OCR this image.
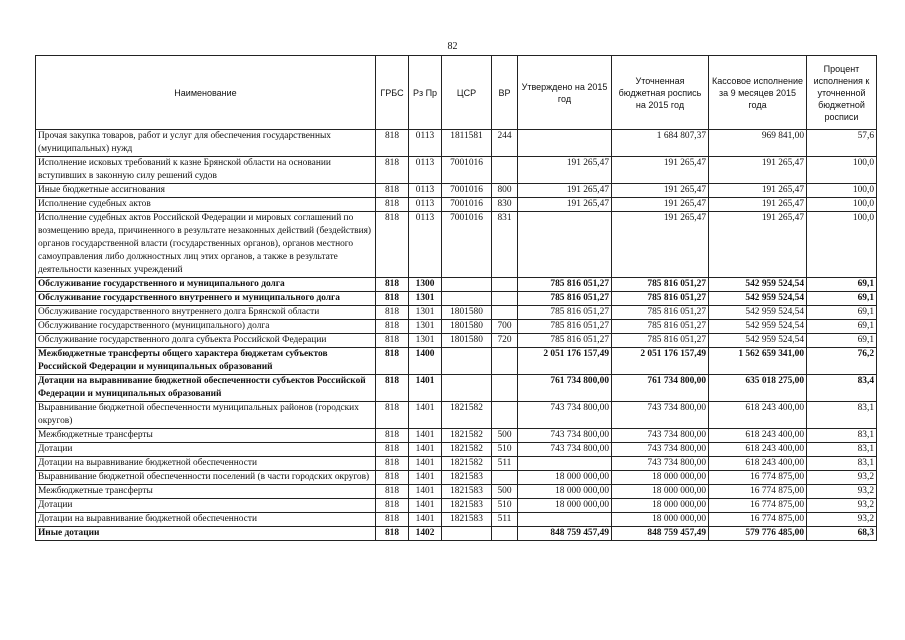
82
Наименование	ГРБС	Рз Пр	ЦСР	ВР	Утверждено на 2015 год	Уточненная бюджетная роспись на 2015 год	Кассовое исполнение за 9 месяцев 2015 года	Процент исполнения к уточненной бюджетной росписи
Прочая закупка товаров, работ и услуг для обеспечения государственных (муниципальных) нужд	818	0113	1811581	244		1 684 807,37	969 841,00	57,6
Исполнение исковых требований к казне Брянской области на основании вступивших в законную силу решений судов	818	0113	7001016		191 265,47	191 265,47	191 265,47	100,0
Иные бюджетные ассигнования	818	0113	7001016	800	191 265,47	191 265,47	191 265,47	100,0
Исполнение судебных актов	818	0113	7001016	830	191 265,47	191 265,47	191 265,47	100,0
Исполнение судебных актов Российской Федерации и мировых соглашений по возмещению вреда, причиненного в результате незаконных действий (бездействия) органов государственной власти (государственных органов), органов местного самоуправления либо должностных лиц этих органов, а также в результате деятельности казенных учреждений	818	0113	7001016	831		191 265,47	191 265,47	100,0
Обслуживание государственного и муниципального долга	818	1300			785 816 051,27	785 816 051,27	542 959 524,54	69,1
Обслуживание государственного внутреннего и муниципального долга	818	1301			785 816 051,27	785 816 051,27	542 959 524,54	69,1
Обслуживание государственного внутреннего долга Брянской области	818	1301	1801580		785 816 051,27	785 816 051,27	542 959 524,54	69,1
Обслуживание государственного (муниципального) долга	818	1301	1801580	700	785 816 051,27	785 816 051,27	542 959 524,54	69,1
Обслуживание государственного долга субъекта Российской Федерации	818	1301	1801580	720	785 816 051,27	785 816 051,27	542 959 524,54	69,1
Межбюджетные трансферты общего характера бюджетам субъектов Российской Федерации и муниципальных образований	818	1400			2 051 176 157,49	2 051 176 157,49	1 562 659 341,00	76,2
Дотации на выравнивание бюджетной обеспеченности субъектов Российской Федерации и муниципальных образований	818	1401			761 734 800,00	761 734 800,00	635 018 275,00	83,4
Выравнивание бюджетной обеспеченности муниципальных районов (городских округов)	818	1401	1821582		743 734 800,00	743 734 800,00	618 243 400,00	83,1
Межбюджетные трансферты	818	1401	1821582	500	743 734 800,00	743 734 800,00	618 243 400,00	83,1
Дотации	818	1401	1821582	510	743 734 800,00	743 734 800,00	618 243 400,00	83,1
Дотации на выравнивание бюджетной обеспеченности	818	1401	1821582	511		743 734 800,00	618 243 400,00	83,1
Выравнивание бюджетной обеспеченности поселений (в части городских округов)	818	1401	1821583		18 000 000,00	18 000 000,00	16 774 875,00	93,2
Межбюджетные трансферты	818	1401	1821583	500	18 000 000,00	18 000 000,00	16 774 875,00	93,2
Дотации	818	1401	1821583	510	18 000 000,00	18 000 000,00	16 774 875,00	93,2
Дотации на выравнивание бюджетной обеспеченности	818	1401	1821583	511		18 000 000,00	16 774 875,00	93,2
Иные дотации	818	1402			848 759 457,49	848 759 457,49	579 776 485,00	68,3
